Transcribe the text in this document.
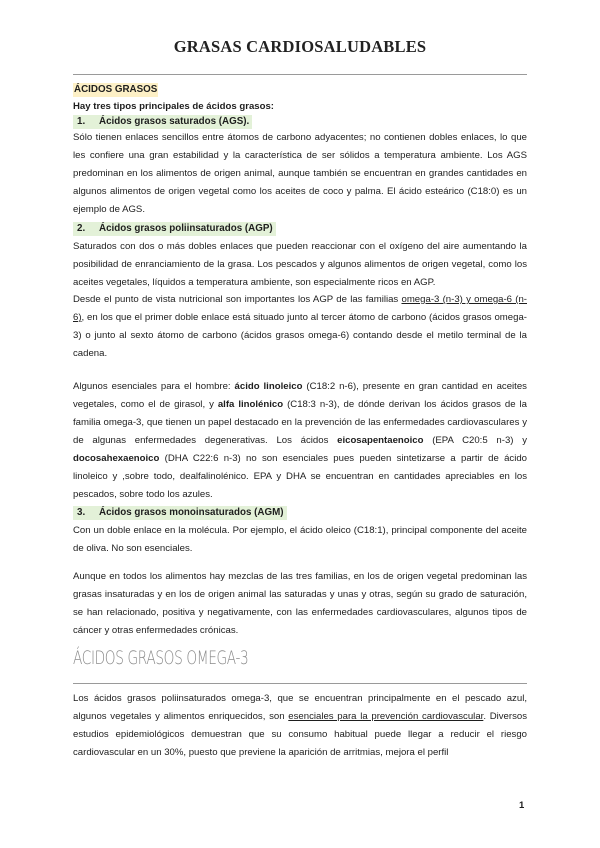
GRASAS CARDIOSALUDABLES
ÁCIDOS GRASOS
Hay tres tipos principales de ácidos grasos:
1. Ácidos grasos saturados (AGS).
Sólo tienen enlaces sencillos entre átomos de carbono adyacentes; no contienen dobles enlaces, lo que les confiere una gran estabilidad y la característica de ser sólidos a temperatura ambiente. Los AGS predominan en los alimentos de origen animal, aunque también se encuentran en grandes cantidades en algunos alimentos de origen vegetal como los aceites de coco y palma. El ácido esteárico (C18:0) es un ejemplo de AGS.
2. Ácidos grasos poliinsaturados (AGP)
Saturados con dos o más dobles enlaces que pueden reaccionar con el oxígeno del aire aumentando la posibilidad de enranciamiento de la grasa. Los pescados y algunos alimentos de origen vegetal, como los aceites vegetales, líquidos a temperatura ambiente, son especialmente ricos en AGP.
Desde el punto de vista nutricional son importantes los AGP de las familias omega-3 (n-3) y omega-6 (n-6), en los que el primer doble enlace está situado junto al tercer átomo de carbono (ácidos grasos omega-3) o junto al sexto átomo de carbono (ácidos grasos omega-6) contando desde el metilo terminal de la cadena.
Algunos esenciales para el hombre: ácido linoleico (C18:2 n-6), presente en gran cantidad en aceites vegetales, como el de girasol, y alfa linolénico (C18:3 n-3), de dónde derivan los ácidos grasos de la familia omega-3, que tienen un papel destacado en la prevención de las enfermedades cardiovasculares y de algunas enfermedades degenerativas. Los ácidos eicosapentaenoico (EPA C20:5 n-3) y docosahexaenoico (DHA C22:6 n-3) no son esenciales pues pueden sintetizarse a partir de ácido linoleico y ,sobre todo, dealfalinolénico. EPA y DHA se encuentran en cantidades apreciables en los pescados, sobre todo los azules.
3. Ácidos grasos monoinsaturados (AGM)
Con un doble enlace en la molécula. Por ejemplo, el ácido oleico (C18:1), principal componente del aceite de oliva. No son esenciales.
Aunque en todos los alimentos hay mezclas de las tres familias, en los de origen vegetal predominan las grasas insaturadas y en los de origen animal las saturadas y unas y otras, según su grado de saturación, se han relacionado, positiva y negativamente, con las enfermedades cardiovasculares, algunos tipos de cáncer y otras enfermedades crónicas.
ÁCIDOS GRASOS OMEGA-3
Los ácidos grasos poliinsaturados omega-3, que se encuentran principalmente en el pescado azul, algunos vegetales y alimentos enriquecidos, son esenciales para la prevención cardiovascular. Diversos estudios epidemiológicos demuestran que su consumo habitual puede llegar a reducir el riesgo cardiovascular en un 30%, puesto que previene la aparición de arritmias, mejora el perfil
1
